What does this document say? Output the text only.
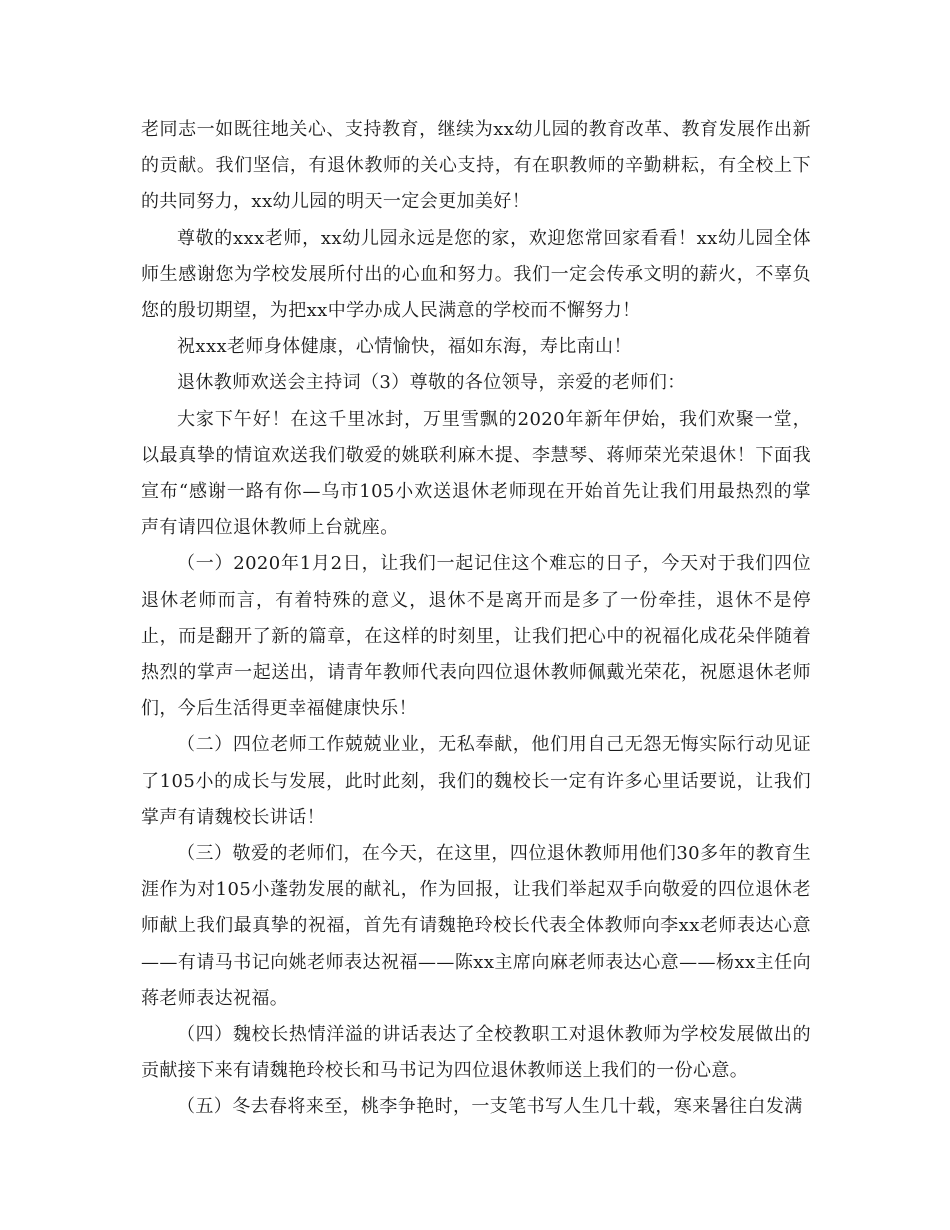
老同志一如既往地关心、支持教育，继续为xx幼儿园的教育改革、教育发展作出新的贡献。我们坚信，有退休教师的关心支持，有在职教师的辛勤耕耘，有全校上下的共同努力，xx幼儿园的明天一定会更加美好！

尊敬的xxx老师，xx幼儿园永远是您的家，欢迎您常回家看看！xx幼儿园全体师生感谢您为学校发展所付出的心血和努力。我们一定会传承文明的薪火，不辜负您的殷切期望，为把xx中学办成人民满意的学校而不懈努力！

祝xxx老师身体健康，心情愉快，福如东海，寿比南山！

退休教师欢送会主持词（3）尊敬的各位领导，亲爱的老师们：

大家下午好！在这千里冰封，万里雪飘的2020年新年伊始，我们欢聚一堂，以最真挚的情谊欢送我们敬爱的姚联利麻木提、李慧琴、蒋师荣光荣退休！下面我宣布“感谢一路有你—乌市105小欢送退休老师现在开始首先让我们用最热烈的掌声有请四位退休教师上台就座。

（一）2020年1月2日，让我们一起记住这个难忘的日子，今天对于我们四位退休老师而言，有着特殊的意义，退休不是离开而是多了一份牵挂，退休不是停止，而是翻开了新的篇章，在这样的时刻里，让我们把心中的祝福化成花朵伴随着热烈的掌声一起送出，请青年教师代表向四位退休教师佩戴光荣花，祝愿退休老师们，今后生活得更幸福健康快乐！

（二）四位老师工作兢兢业业，无私奉献，他们用自己无怨无悔实际行动见证了105小的成长与发展，此时此刻，我们的魏校长一定有许多心里话要说，让我们掌声有请魏校长讲话！

（三）敬爱的老师们，在今天，在这里，四位退休教师用他们30多年的教育生涯作为对105小蓬勃发展的献礼，作为回报，让我们举起双手向敬爱的四位退休老师献上我们最真挚的祝福，首先有请魏艳玲校长代表全体教师向李xx老师表达心意——有请马书记向姚老师表达祝福——陈xx主席向麻老师表达心意——杨xx主任向蒋老师表达祝福。

（四）魏校长热情洋溢的讲话表达了全校教职工对退休教师为学校发展做出的贡献接下来有请魏艳玲校长和马书记为四位退休教师送上我们的一份心意。

（五）冬去春将来至，桃李争艳时，一支笔书写人生几十载，寒来暑往白发满
